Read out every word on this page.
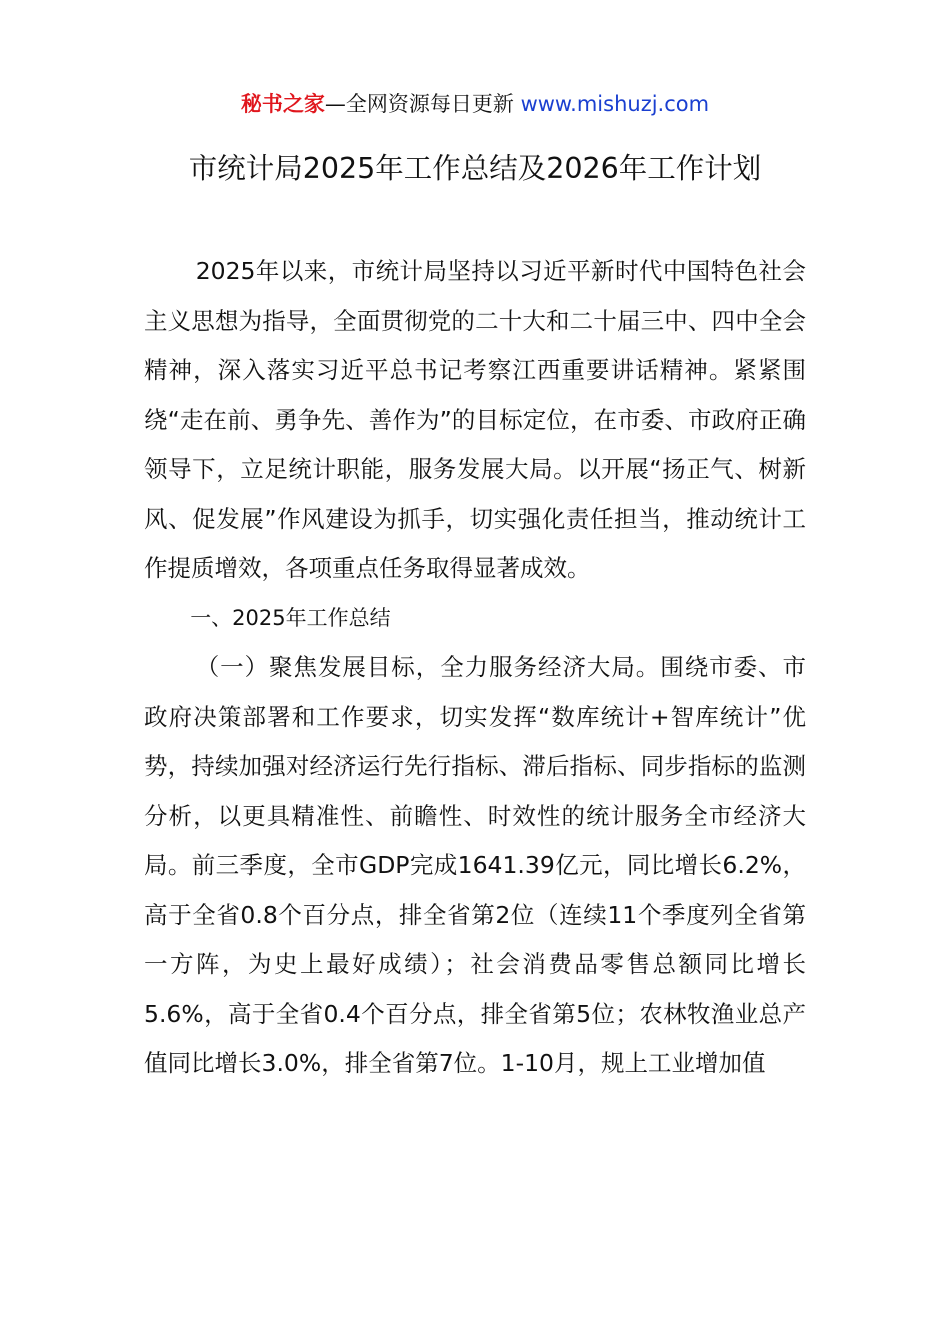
秘书之家—全网资源每日更新 www.mishuzj.com
市统计局2025年工作总结及2026年工作计划

2025年以来，市统计局坚持以习近平新时代中国特色社会主义思想为指导，全面贯彻党的二十大和二十届三中、四中全会精神，深入落实习近平总书记考察江西重要讲话精神。紧紧围绕“走在前、勇争先、善作为”的目标定位，在市委、市政府正确领导下，立足统计职能，服务发展大局。以开展“扬正气、树新风、促发展”作风建设为抓手，切实强化责任担当，推动统计工作提质增效，各项重点任务取得显著成效。

一、2025年工作总结

（一）聚焦发展目标，全力服务经济大局。围绕市委、市政府决策部署和工作要求，切实发挥“数库统计+智库统计”优势，持续加强对经济运行先行指标、滞后指标、同步指标的监测分析，以更具精准性、前瞻性、时效性的统计服务全市经济大局。前三季度，全市GDP完成1641.39亿元，同比增长6.2%，高于全省0.8个百分点，排全省第2位（连续11个季度列全省第一方阵，为史上最好成绩）；社会消费品零售总额同比增长5.6%，高于全省0.4个百分点，排全省第5位；农林牧渔业总产值同比增长3.0%，排全省第7位。1-10月，规上工业增加值
